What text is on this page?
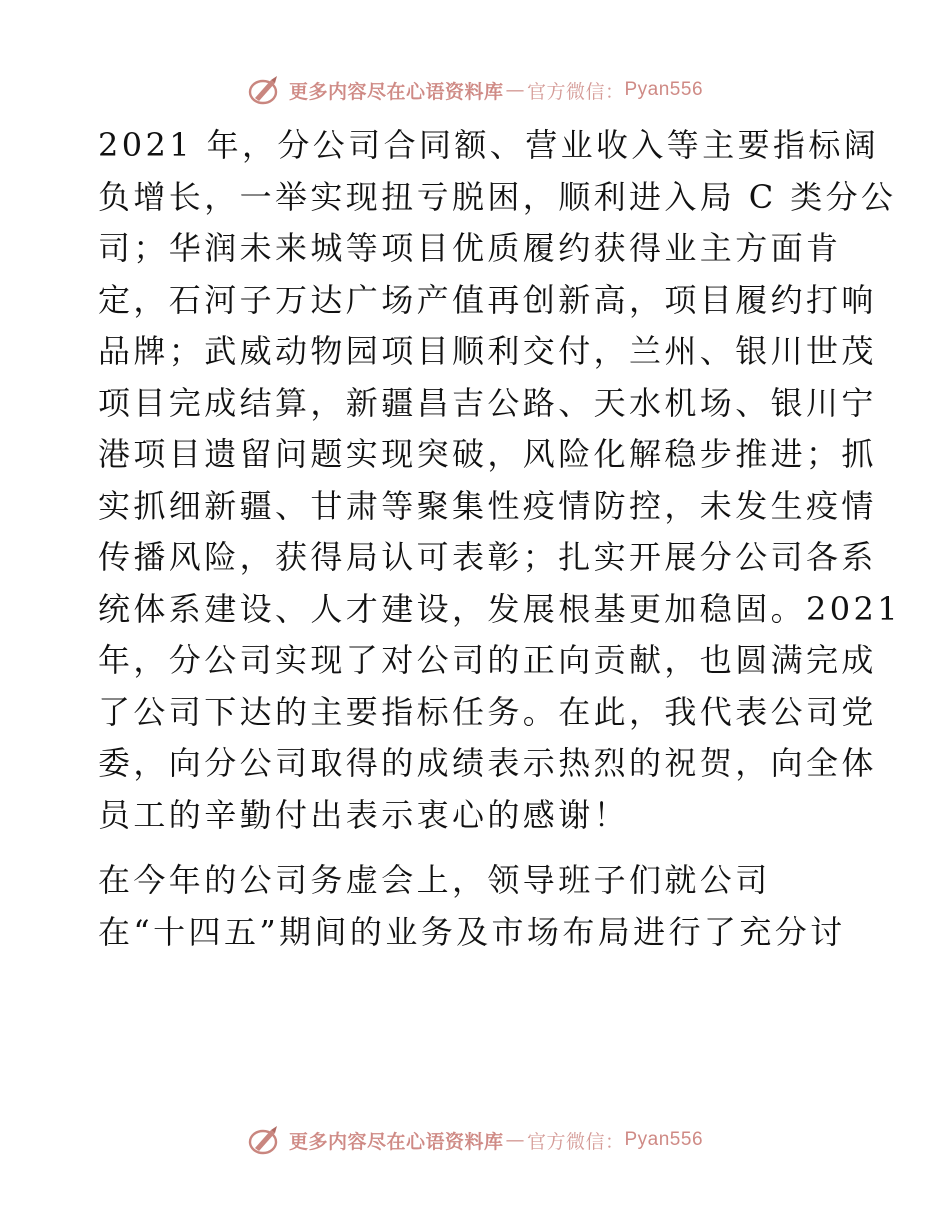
更多内容尽在心语资料库 — 官方微信： Pyan556
2021 年，分公司合同额、营业收入等主要指标阔
负增长，一举实现扭亏脱困，顺利进入局 C 类分公
司；华润未来城等项目优质履约获得业主方面肯
定，石河子万达广场产值再创新高，项目履约打响
品牌；武威动物园项目顺利交付，兰州、银川世茂
项目完成结算，新疆昌吉公路、天水机场、银川宁
港项目遗留问题实现突破，风险化解稳步推进；抓
实抓细新疆、甘肃等聚集性疫情防控，未发生疫情
传播风险，获得局认可表彰；扎实开展分公司各系
统体系建设、人才建设，发展根基更加稳固。2021
年，分公司实现了对公司的正向贡献，也圆满完成
了公司下达的主要指标任务。在此，我代表公司党
委，向分公司取得的成绩表示热烈的祝贺，向全体
员工的辛勤付出表示衷心的感谢！
在今年的公司务虚会上，领导班子们就公司
在“十四五”期间的业务及市场布局进行了充分讨
更多内容尽在心语资料库 — 官方微信： Pyan556
